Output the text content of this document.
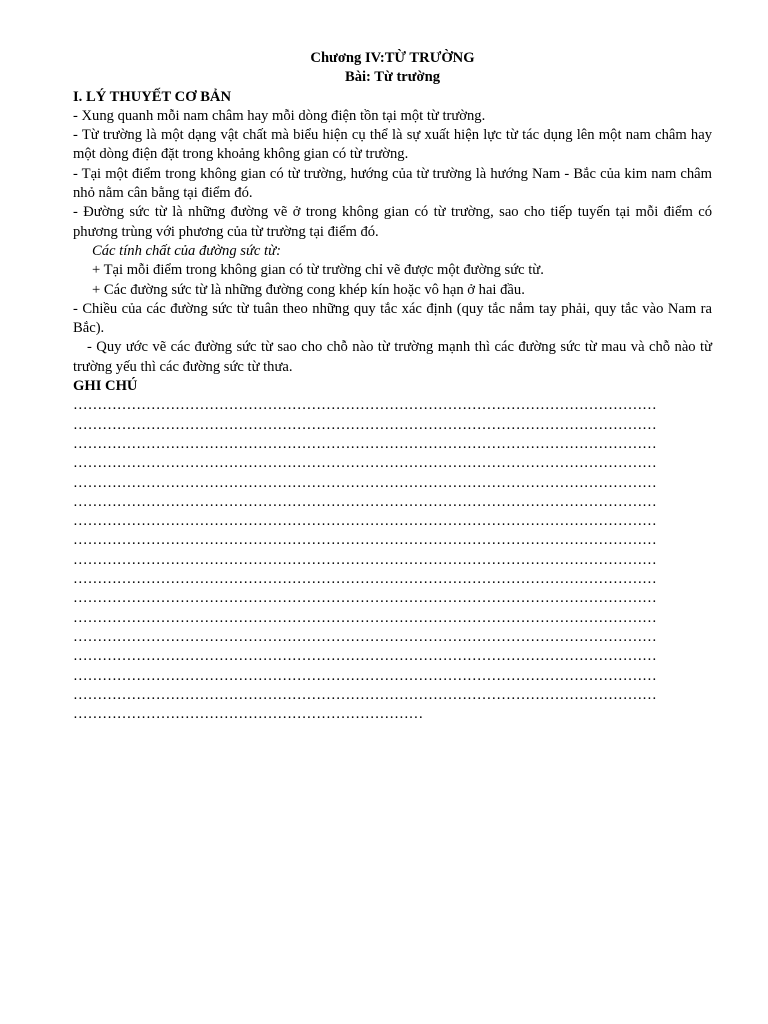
Chương IV:TỪ TRƯỜNG
Bài: Từ trường
I. LÝ THUYẾT CƠ BẢN

- Xung quanh mỗi nam châm hay mỗi dòng điện tồn tại một từ trường.

- Từ trường là một dạng vật chất mà biểu hiện cụ thể là sự xuất hiện lực từ tác dụng lên một nam châm hay một dòng điện đặt trong khoảng không gian có từ trường.

- Tại một điểm trong không gian có từ trường, hướng của từ trường là hướng Nam - Bắc của kim nam châm nhỏ nằm cân bằng tại điểm đó.

- Đường sức từ là những đường vẽ ở trong không gian có từ trường, sao cho tiếp tuyến tại mỗi điểm có phương trùng với phương của từ trường tại điểm đó.

Các tính chất của đường sức từ:

+ Tại mỗi điểm trong không gian có từ trường chỉ vẽ được một đường sức từ.

+ Các đường sức từ là những đường cong khép kín hoặc vô hạn ở hai đầu.

- Chiều của các đường sức từ tuân theo những quy tắc xác định (quy tắc nắm tay phải, quy tắc vào Nam ra Bắc).

- Quy ước vẽ các đường sức từ sao cho chỗ nào từ trường mạnh thì các đường sức từ mau và chỗ nào từ trường yếu thì các đường sức từ thưa.

GHI CHÚ
…………………………………………………………………………………………………………
…………………………………………………………………………………………………………
…………………………………………………………………………………………………………
…………………………………………………………………………………………………………
…………………………………………………………………………………………………………
…………………………………………………………………………………………………………
…………………………………………………………………………………………………………
…………………………………………………………………………………………………………
…………………………………………………………………………………………………………
…………………………………………………………………………………………………………
…………………………………………………………………………………………………………
…………………………………………………………………………………………………………
…………………………………………………………………………………………………………
…………………………………………………………………………………………………………
…………………………………………………………………………………………………………
…………………………………………………………………………………………………………
………………………………………………………………
